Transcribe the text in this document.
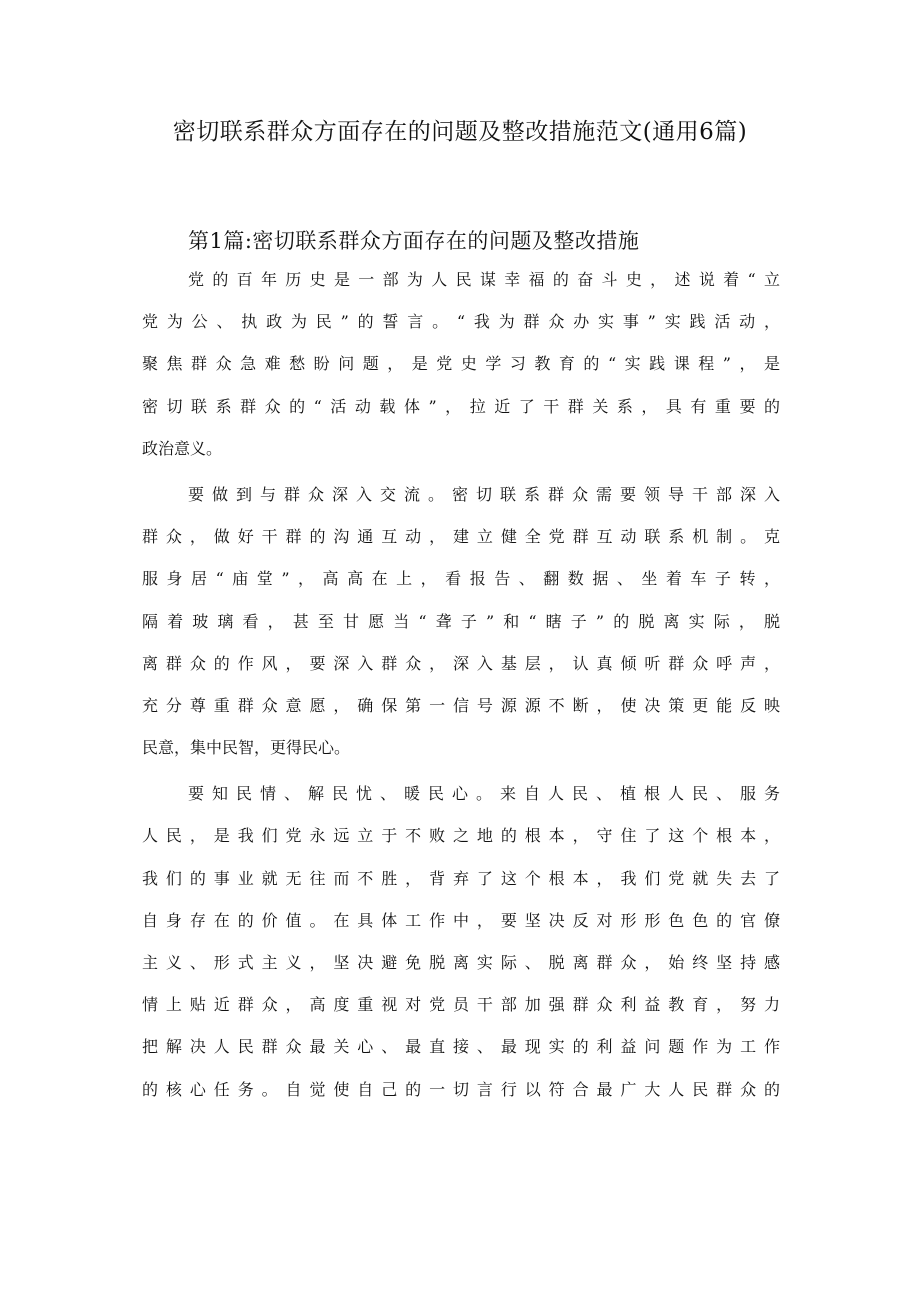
密切联系群众方面存在的问题及整改措施范文(通用6篇)
第1篇:密切联系群众方面存在的问题及整改措施
党的百年历史是一部为人民谋幸福的奋斗史，述说着“立
党为公、执政为民”的誓言。“我为群众办实事”实践活动，
聚焦群众急难愁盼问题，是党史学习教育的“实践课程”，是
密切联系群众的“活动载体”，拉近了干群关系，具有重要的
政治意义。
要做到与群众深入交流。密切联系群众需要领导干部深入
群众，做好干群的沟通互动，建立健全党群互动联系机制。克
服身居“庙堂”，高高在上，看报告、翻数据、坐着车子转，
隔着玻璃看，甚至甘愿当“聋子”和“瞎子”的脱离实际，脱
离群众的作风，要深入群众，深入基层，认真倾听群众呼声，
充分尊重群众意愿，确保第一信号源源不断，使决策更能反映
民意，集中民智，更得民心。
要知民情、解民忧、暖民心。来自人民、植根人民、服务
人民，是我们党永远立于不败之地的根本，守住了这个根本，
我们的事业就无往而不胜，背弃了这个根本，我们党就失去了
自身存在的价值。在具体工作中，要坚决反对形形色色的官僚
主义、形式主义，坚决避免脱离实际、脱离群众，始终坚持感
情上贴近群众，高度重视对党员干部加强群众利益教育，努力
把解决人民群众最关心、最直接、最现实的利益问题作为工作
的核心任务。自觉使自己的一切言行以符合最广大人民群众的
